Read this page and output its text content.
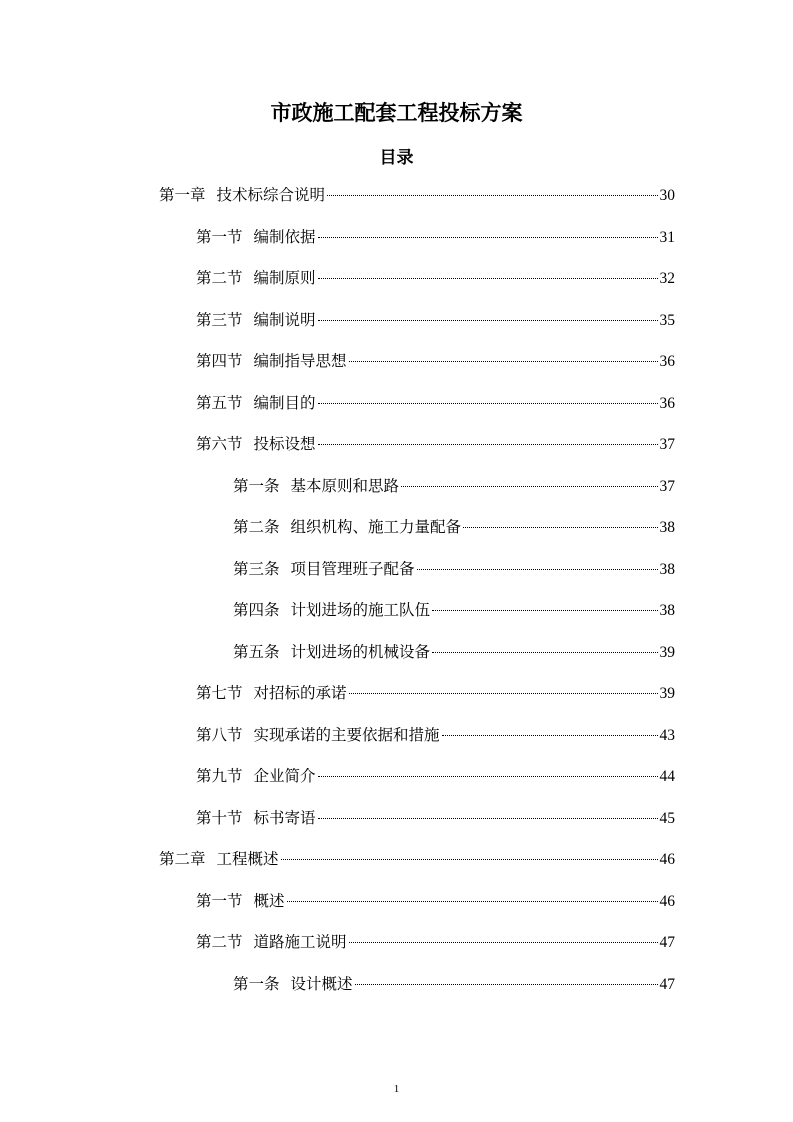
市政施工配套工程投标方案
目录
第一章 技术标综合说明	30
第一节 编制依据	31
第二节 编制原则	32
第三节 编制说明	35
第四节 编制指导思想	36
第五节 编制目的	36
第六节 投标设想	37
第一条 基本原则和思路	37
第二条 组织机构、施工力量配备	38
第三条 项目管理班子配备	38
第四条 计划进场的施工队伍	38
第五条 计划进场的机械设备	39
第七节 对招标的承诺	39
第八节 实现承诺的主要依据和措施	43
第九节 企业简介	44
第十节 标书寄语	45
第二章 工程概述	46
第一节 概述	46
第二节 道路施工说明	47
第一条 设计概述	47
1
